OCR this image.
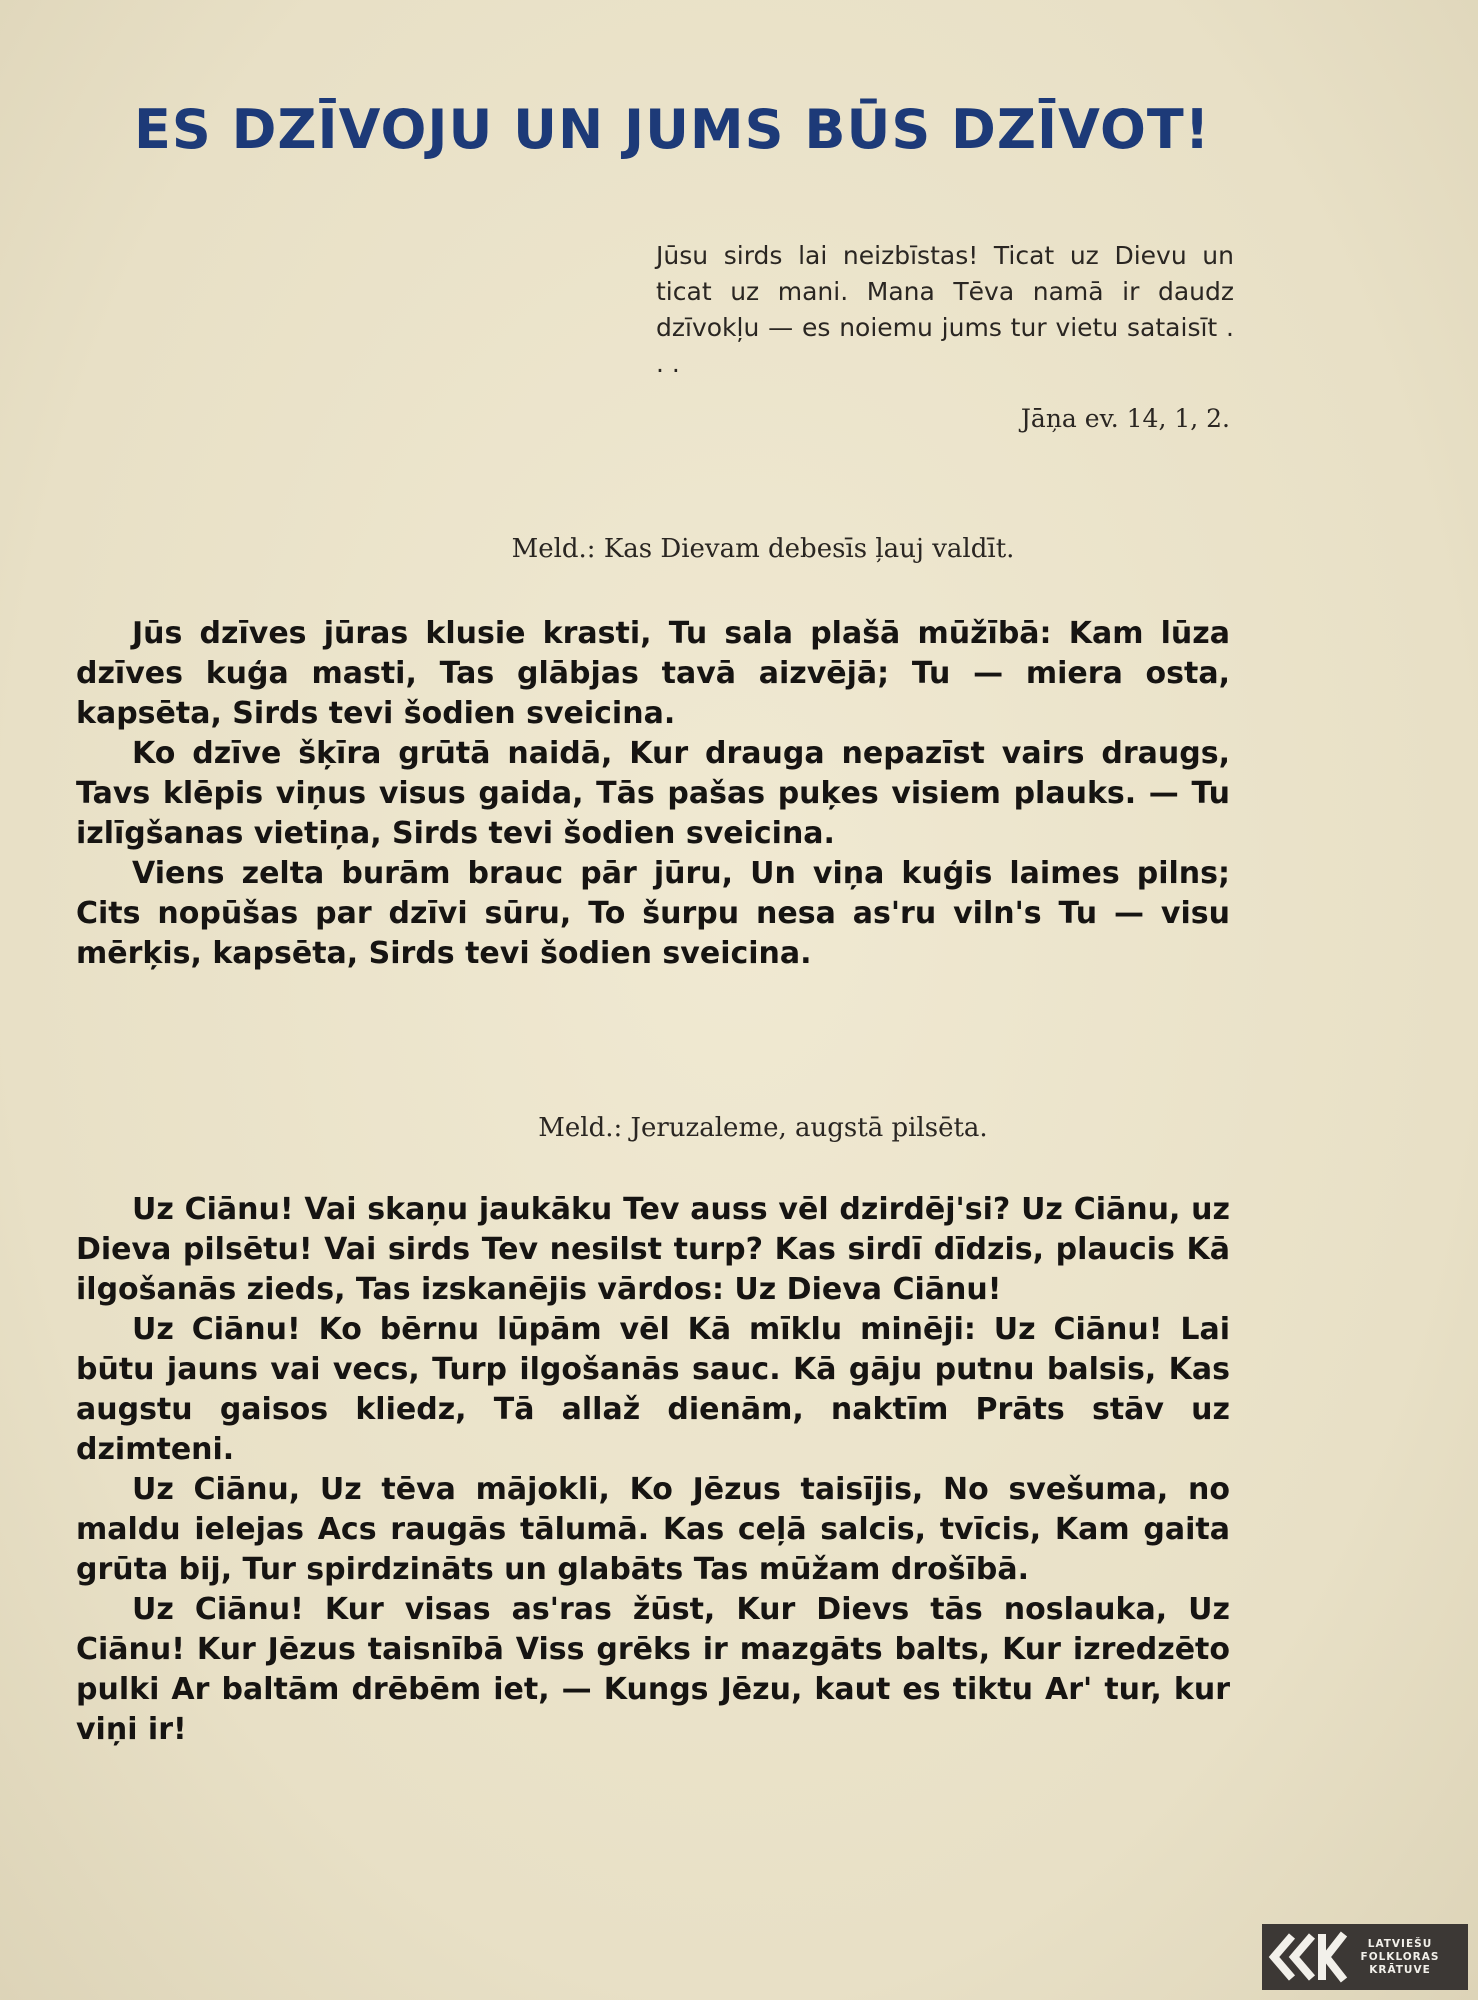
ES DZĪVOJU UN JUMS BŪS DZĪVOT!
Jūsu sirds lai neizbīstas! Ticat uz Dievu un ticat uz mani. Mana Tēva namā ir daudz dzīvokļu — es noiemu jums tur vietu sataisīt . . .
Jāņa ev. 14, 1, 2.
Meld.: Kas Dievam debesīs ļauj valdīt.

Jūs dzīves jūras klusie krasti, Tu sala plašā mūžībā: Kam lūza dzīves kuģa masti, Tas glābjas tavā aizvējā; Tu — miera osta, kapsēta, Sirds tevi šodien sveicina.

Ko dzīve šķīra grūtā naidā, Kur drauga nepazīst vairs draugs, Tavs klēpis viņus visus gaida, Tās pašas puķes visiem plauks. — Tu izlīgšanas vietiņa, Sirds tevi šodien sveicina.

Viens zelta burām brauc pār jūru, Un viņa kuģis laimes pilns; Cits nopūšas par dzīvi sūru, To šurpu nesa as'ru viln's Tu — visu mērķis, kapsēta, Sirds tevi šodien sveicina.

Meld.: Jeruzaleme, augstā pilsēta.

Uz Ciānu! Vai skaņu jaukāku Tev auss vēl dzirdēj'si? Uz Ciānu, uz Dieva pilsētu! Vai sirds Tev nesilst turp? Kas sirdī dīdzis, plaucis Kā ilgošanās zieds, Tas izskanējis vārdos: Uz Dieva Ciānu!

Uz Ciānu! Ko bērnu lūpām vēl Kā mīklu minēji: Uz Ciānu! Lai būtu jauns vai vecs, Turp ilgošanās sauc. Kā gāju putnu balsis, Kas augstu gaisos kliedz, Tā allaž dienām, naktīm Prāts stāv uz dzimteni.

Uz Ciānu, Uz tēva mājokli, Ko Jēzus taisījis, No svešuma, no maldu ielejas Acs raugās tālumā. Kas ceļā salcis, tvīcis, Kam gaita grūta bij, Tur spirdzināts un glabāts Tas mūžam drošībā.

Uz Ciānu! Kur visas as'ras žūst, Kur Dievs tās noslauka, Uz Ciānu! Kur Jēzus taisnībā Viss grēks ir mazgāts balts, Kur izredzēto pulki Ar baltām drēbēm iet, — Kungs Jēzu, kaut es tiktu Ar' tur, kur viņi ir!

LATVIEŠU
FOLKLORAS
KRĀTUVE
